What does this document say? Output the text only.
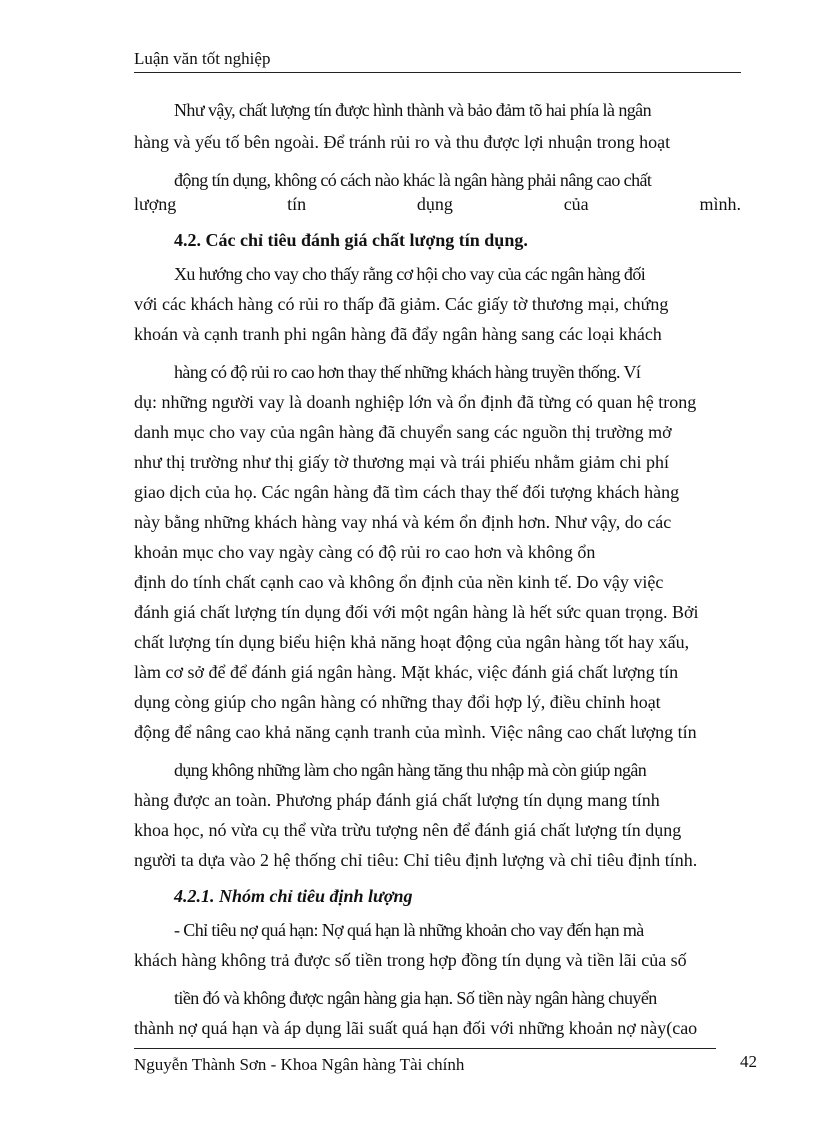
Luận văn tốt nghiệp
Như vậy, chất lượng tín được hình thành và bảo đảm tõ hai phía là ngân
hàng và yếu tố bên ngoài. Để tránh rủi ro và thu được lợi nhuận trong hoạt
động tín dụng, không có cách nào khác là ngân hàng phải nâng cao chất
lượng	tín	dụng	của	mình.
4.2. Các chỉ tiêu đánh giá chất lượng tín dụng.
Xu hướng cho vay cho thấy rằng cơ hội cho vay của các ngân hàng đối
với các khách hàng có rủi ro thấp đã giảm. Các giấy tờ thương mại, chứng
khoán và cạnh tranh phi ngân hàng đã đẩy ngân hàng sang các loại khách
hàng có độ rủi ro cao hơn thay thế những khách hàng truyền thống. Ví
dụ: những người vay là doanh nghiệp lớn và ổn định đã từng có quan hệ trong
danh mục cho vay của ngân hàng đã chuyển sang các nguồn thị trường mở
như thị trường như thị giấy tờ thương mại và trái phiếu nhằm giảm chi phí
giao dịch của họ. Các ngân hàng đã tìm cách thay thế đối tượng khách hàng
này bằng những khách hàng vay nhá và kém ổn định hơn. Như vậy, do các
khoản mục cho vay ngày càng có độ rủi ro cao hơn và không ổn
định do tính chất cạnh cao và không ổn định của nền kinh tế. Do vậy việc
đánh giá chất lượng tín dụng đối với một ngân hàng là hết sức quan trọng. Bởi
chất lượng tín dụng biểu hiện khả năng hoạt động của ngân hàng tốt hay xấu,
làm cơ sở để để đánh giá ngân hàng. Mặt khác, việc đánh giá chất lượng tín
dụng còng giúp cho ngân hàng có những thay đổi hợp lý, điều chỉnh hoạt
động để nâng cao khả năng cạnh tranh của mình. Việc nâng cao chất lượng tín
dụng không những làm cho ngân hàng tăng thu nhập mà còn giúp ngân
hàng được an toàn. Phương pháp đánh giá chất lượng tín dụng mang tính
khoa học, nó vừa cụ thể vừa trừu tượng nên để đánh giá chất lượng tín dụng
người ta dựa vào 2 hệ thống chỉ tiêu: Chỉ tiêu định lượng và chỉ tiêu định tính.
4.2.1. Nhóm chỉ tiêu định lượng
- Chỉ tiêu nợ quá hạn: Nợ quá hạn là những khoản cho vay đến hạn mà
khách hàng không trả được số tiền trong hợp đồng tín dụng và tiền lãi của số
tiền đó và không được ngân hàng gia hạn. Số tiền này ngân hàng chuyển
thành nợ quá hạn và áp dụng lãi suất quá hạn đối với những khoản nợ này(cao
Nguyễn Thành Sơn - Khoa Ngân hàng Tài chính	42
